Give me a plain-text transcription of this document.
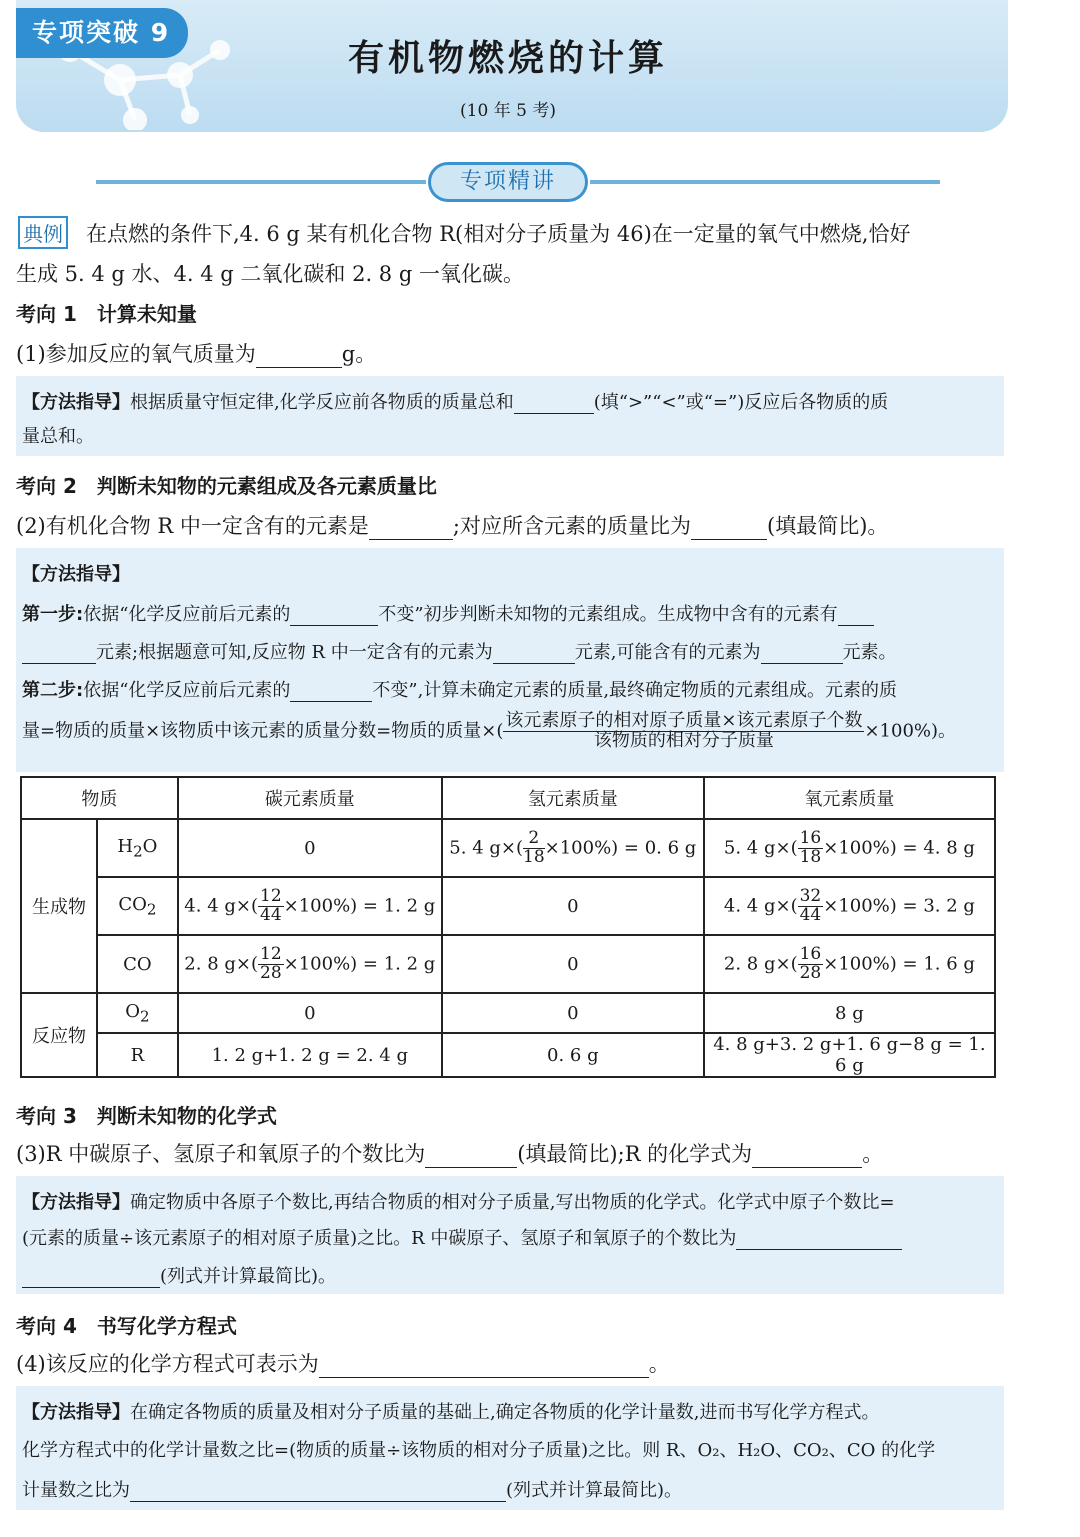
专项突破 9
有机物燃烧的计算
(10 年 5 考)
专项精讲
典例 在点燃的条件下,4. 6 g 某有机化合物 R(相对分子质量为 46)在一定量的氧气中燃烧,恰好
生成 5. 4 g 水、4. 4 g 二氧化碳和 2. 8 g 一氧化碳。
考向 1　计算未知量
(1)参加反应的氧气质量为	g。
【方法指导】根据质量守恒定律,化学反应前各物质的质量总和	(填“>”“<”或“=”)反应后各物质的质
量总和。
考向 2　判断未知物的元素组成及各元素质量比
(2)有机化合物 R 中一定含有的元素是	;对应所含元素的质量比为	(填最简比)。
【方法指导】
第一步:依据“化学反应前后元素的	不变”初步判断未知物的元素组成。生成物中含有的元素有
元素;根据题意可知,反应物 R 中一定含有的元素为	元素,可能含有的元素为	元素。
第二步:依据“化学反应前后元素的	不变”,计算未确定元素的质量,最终确定物质的元素组成。元素的质
量=物质的质量×该物质中该元素的质量分数=物质的质量×( $\frac{\text{该元素原子的相对原子质量×该元素原子个数}}{\text{该物质的相对分子质量}} \times 100\%$)。
物质		碳元素质量	氢元素质量	氧元素质量
生成物	$H_2O$	0	5. 4 $g\times( \frac{2}{18} \times 100\%) = 0$. 6 g	5. 4 $g\times( \frac{16}{18} \times 100\%) = 4$. 8 g
	$CO_2$	4. 4 $g\times( \frac{12}{44} \times 100\%) = 1$. 2 g	0	4. 4 $g\times( \frac{32}{44} \times 100\%) = 3$. 2 g
	CO	2. 8 $g\times( \frac{12}{28} \times 100\%) = 1$. 2 g	0	2. 8 $g\times( \frac{16}{28} \times 100\%) = 1$. 6 g
反应物	$O_2$	0	0	8 g
	R	1. 2 g+1. 2 g = 2. 4 g	0. 6 g	4. 8 g+3. 2 g+1. 6 g−8 g = 1. 6 g
考向 3　判断未知物的化学式
(3)R 中碳原子、氢原子和氧原子的个数比为	(填最简比);R 的化学式为	。
【方法指导】确定物质中各原子个数比,再结合物质的相对分子质量,写出物质的化学式。化学式中原子个数比=
(元素的质量÷该元素原子的相对原子质量)之比。R 中碳原子、氢原子和氧原子的个数比为
(列式并计算最简比)。
考向 4　书写化学方程式
(4)该反应的化学方程式可表示为	。
【方法指导】在确定各物质的质量及相对分子质量的基础上,确定各物质的化学计量数,进而书写化学方程式。
化学方程式中的化学计量数之比=(物质的质量÷该物质的相对分子质量)之比。则 R、O₂、H₂O、CO₂、CO 的化学
计量数之比为	(列式并计算最简比)。
